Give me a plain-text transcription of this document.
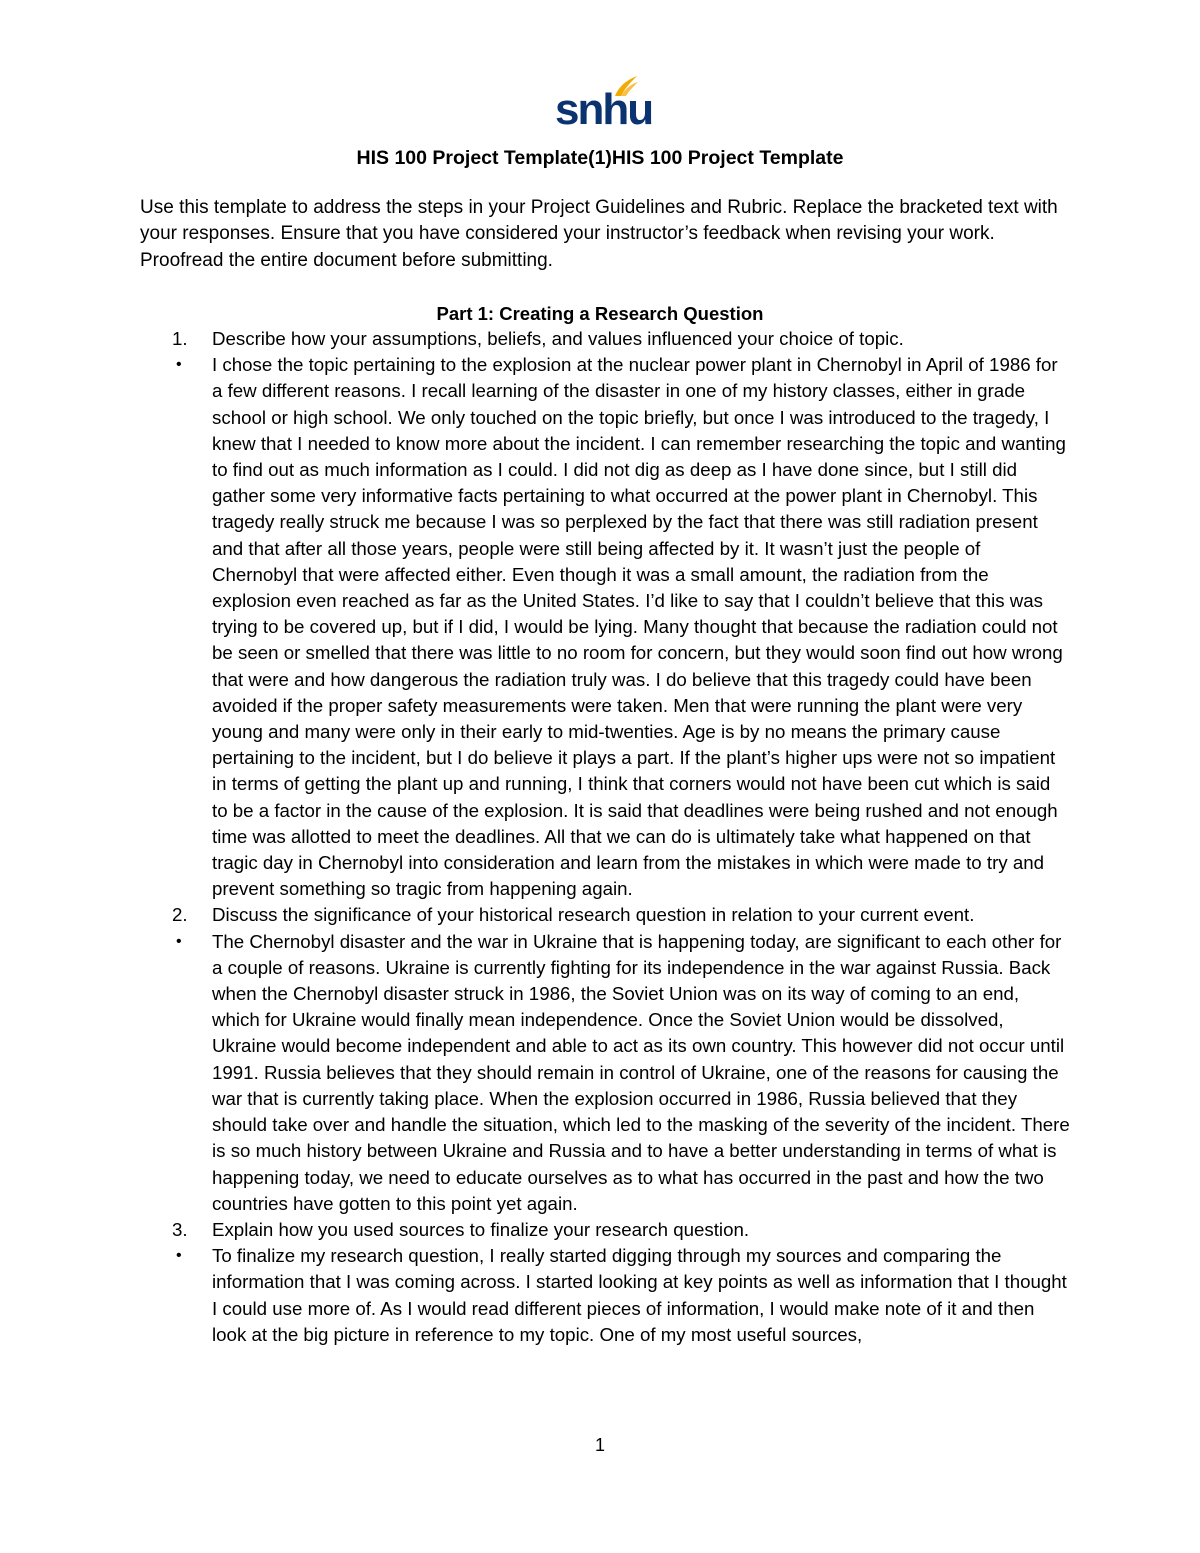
snhu
HIS 100 Project Template(1)HIS 100 Project Template
Use this template to address the steps in your Project Guidelines and Rubric. Replace the bracketed text with your responses. Ensure that you have considered your instructor’s feedback when revising your work. Proofread the entire document before submitting.
Part 1: Creating a Research Question
1.	Describe how your assumptions, beliefs, and values influenced your choice of topic.

•	I chose the topic pertaining to the explosion at the nuclear power plant in Chernobyl in April of 1986 for a few different reasons. I recall learning of the disaster in one of my history classes, either in grade school or high school. We only touched on the topic briefly, but once I was introduced to the tragedy, I knew that I needed to know more about the incident. I can remember researching the topic and wanting to find out as much information as I could. I did not dig as deep as I have done since, but I still did gather some very informative facts pertaining to what occurred at the power plant in Chernobyl. This tragedy really struck me because I was so perplexed by the fact that there was still radiation present and that after all those years, people were still being affected by it. It wasn’t just the people of Chernobyl that were affected either. Even though it was a small amount, the radiation from the explosion even reached as far as the United States. I’d like to say that I couldn’t believe that this was trying to be covered up, but if I did, I would be lying. Many thought that because the radiation could not be seen or smelled that there was little to no room for concern, but they would soon find out how wrong that were and how dangerous the radiation truly was. I do believe that this tragedy could have been avoided if the proper safety measurements were taken. Men that were running the plant were very young and many were only in their early to mid-twenties. Age is by no means the primary cause pertaining to the incident, but I do believe it plays a part. If the plant’s higher ups were not so impatient in terms of getting the plant up and running, I think that corners would not have been cut which is said to be a factor in the cause of the explosion. It is said that deadlines were being rushed and not enough time was allotted to meet the deadlines. All that we can do is ultimately take what happened on that tragic day in Chernobyl into consideration and learn from the mistakes in which were made to try and prevent something so tragic from happening again.

2.	Discuss the significance of your historical research question in relation to your current event.

•	The Chernobyl disaster and the war in Ukraine that is happening today, are significant to each other for a couple of reasons. Ukraine is currently fighting for its independence in the war against Russia. Back when the Chernobyl disaster struck in 1986, the Soviet Union was on its way of coming to an end, which for Ukraine would finally mean independence. Once the Soviet Union would be dissolved, Ukraine would become independent and able to act as its own country. This however did not occur until 1991. Russia believes that they should remain in control of Ukraine, one of the reasons for causing the war that is currently taking place. When the explosion occurred in 1986, Russia believed that they should take over and handle the situation, which led to the masking of the severity of the incident. There is so much history between Ukraine and Russia and to have a better understanding in terms of what is happening today, we need to educate ourselves as to what has occurred in the past and how the two countries have gotten to this point yet again.

3.	Explain how you used sources to finalize your research question.

•	To finalize my research question, I really started digging through my sources and comparing the information that I was coming across. I started looking at key points as well as information that I thought I could use more of. As I would read different pieces of information, I would make note of it and then look at the big picture in reference to my topic. One of my most useful sources,

1
